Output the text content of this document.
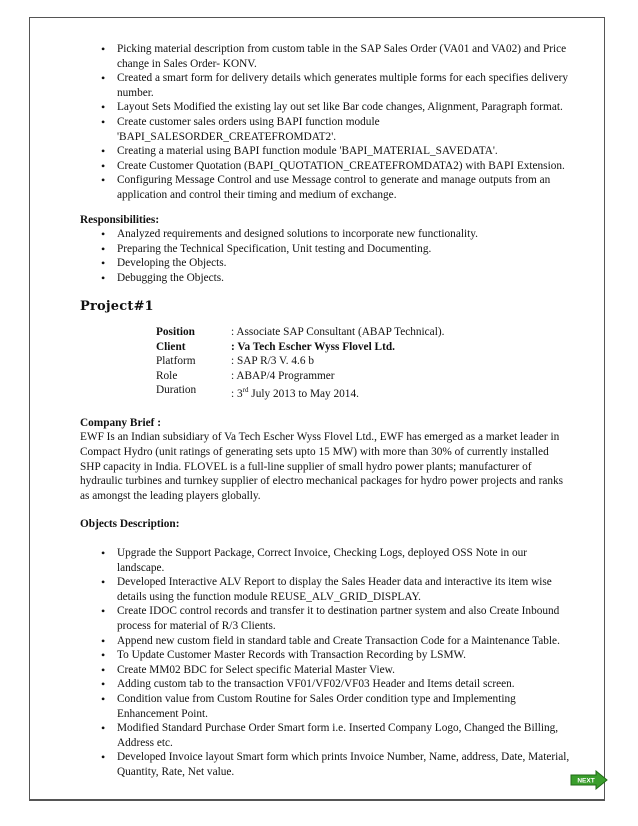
• Picking material description from custom table in the SAP Sales Order (VA01 and VA02) and Price change in Sales Order- KONV.
• Created a smart form for delivery details which generates multiple forms for each specifies delivery number.
• Layout Sets Modified the existing lay out set like Bar code changes, Alignment, Paragraph format.
• Create customer sales orders using BAPI function module 'BAPI_SALESORDER_CREATEFROMDAT2'.
• Creating a material using BAPI function module 'BAPI_MATERIAL_SAVEDATA'.
• Create Customer Quotation (BAPI_QUOTATION_CREATEFROMDATA2) with BAPI Extension.
• Configuring Message Control and use Message control to generate and manage outputs from an application and control their timing and medium of exchange.
Responsibilities:
• Analyzed requirements and designed solutions to incorporate new functionality.
• Preparing the Technical Specification, Unit testing and Documenting.
• Developing the Objects.
• Debugging the Objects.
Project#1
Position	: Associate SAP Consultant (ABAP Technical).
Client	: Va Tech Escher Wyss Flovel Ltd.
Platform	: SAP R/3 V. 4.6 b
Role	: ABAP/4 Programmer
Duration	: 3rd July 2013 to May 2014.
Company Brief :
EWF Is an Indian subsidiary of Va Tech Escher Wyss Flovel Ltd., EWF has emerged as a market leader in Compact Hydro (unit ratings of generating sets upto 15 MW) with more than 30% of currently installed SHP capacity in India. FLOVEL is a full-line supplier of small hydro power plants; manufacturer of hydraulic turbines and turnkey supplier of electro mechanical packages for hydro power projects and ranks as amongst the leading players globally.
Objects Description:
• Upgrade the Support Package, Correct Invoice, Checking Logs, deployed OSS Note in our landscape.
• Developed Interactive ALV Report to display the Sales Header data and interactive its item wise details using the function module REUSE_ALV_GRID_DISPLAY.
• Create IDOC control records and transfer it to destination partner system and also Create Inbound process for material of R/3 Clients.
• Append new custom field in standard table and Create Transaction Code for a Maintenance Table.
• To Update Customer Master Records with Transaction Recording by LSMW.
• Create MM02 BDC for Select specific Material Master View.
• Adding custom tab to the transaction VF01/VF02/VF03 Header and Items detail screen.
• Condition value from Custom Routine for Sales Order condition type and Implementing Enhancement Point.
• Modified Standard Purchase Order Smart form i.e. Inserted Company Logo, Changed the Billing, Address etc.
• Developed Invoice layout Smart form which prints Invoice Number, Name, address, Date, Material, Quantity, Rate, Net value.
NEXT
